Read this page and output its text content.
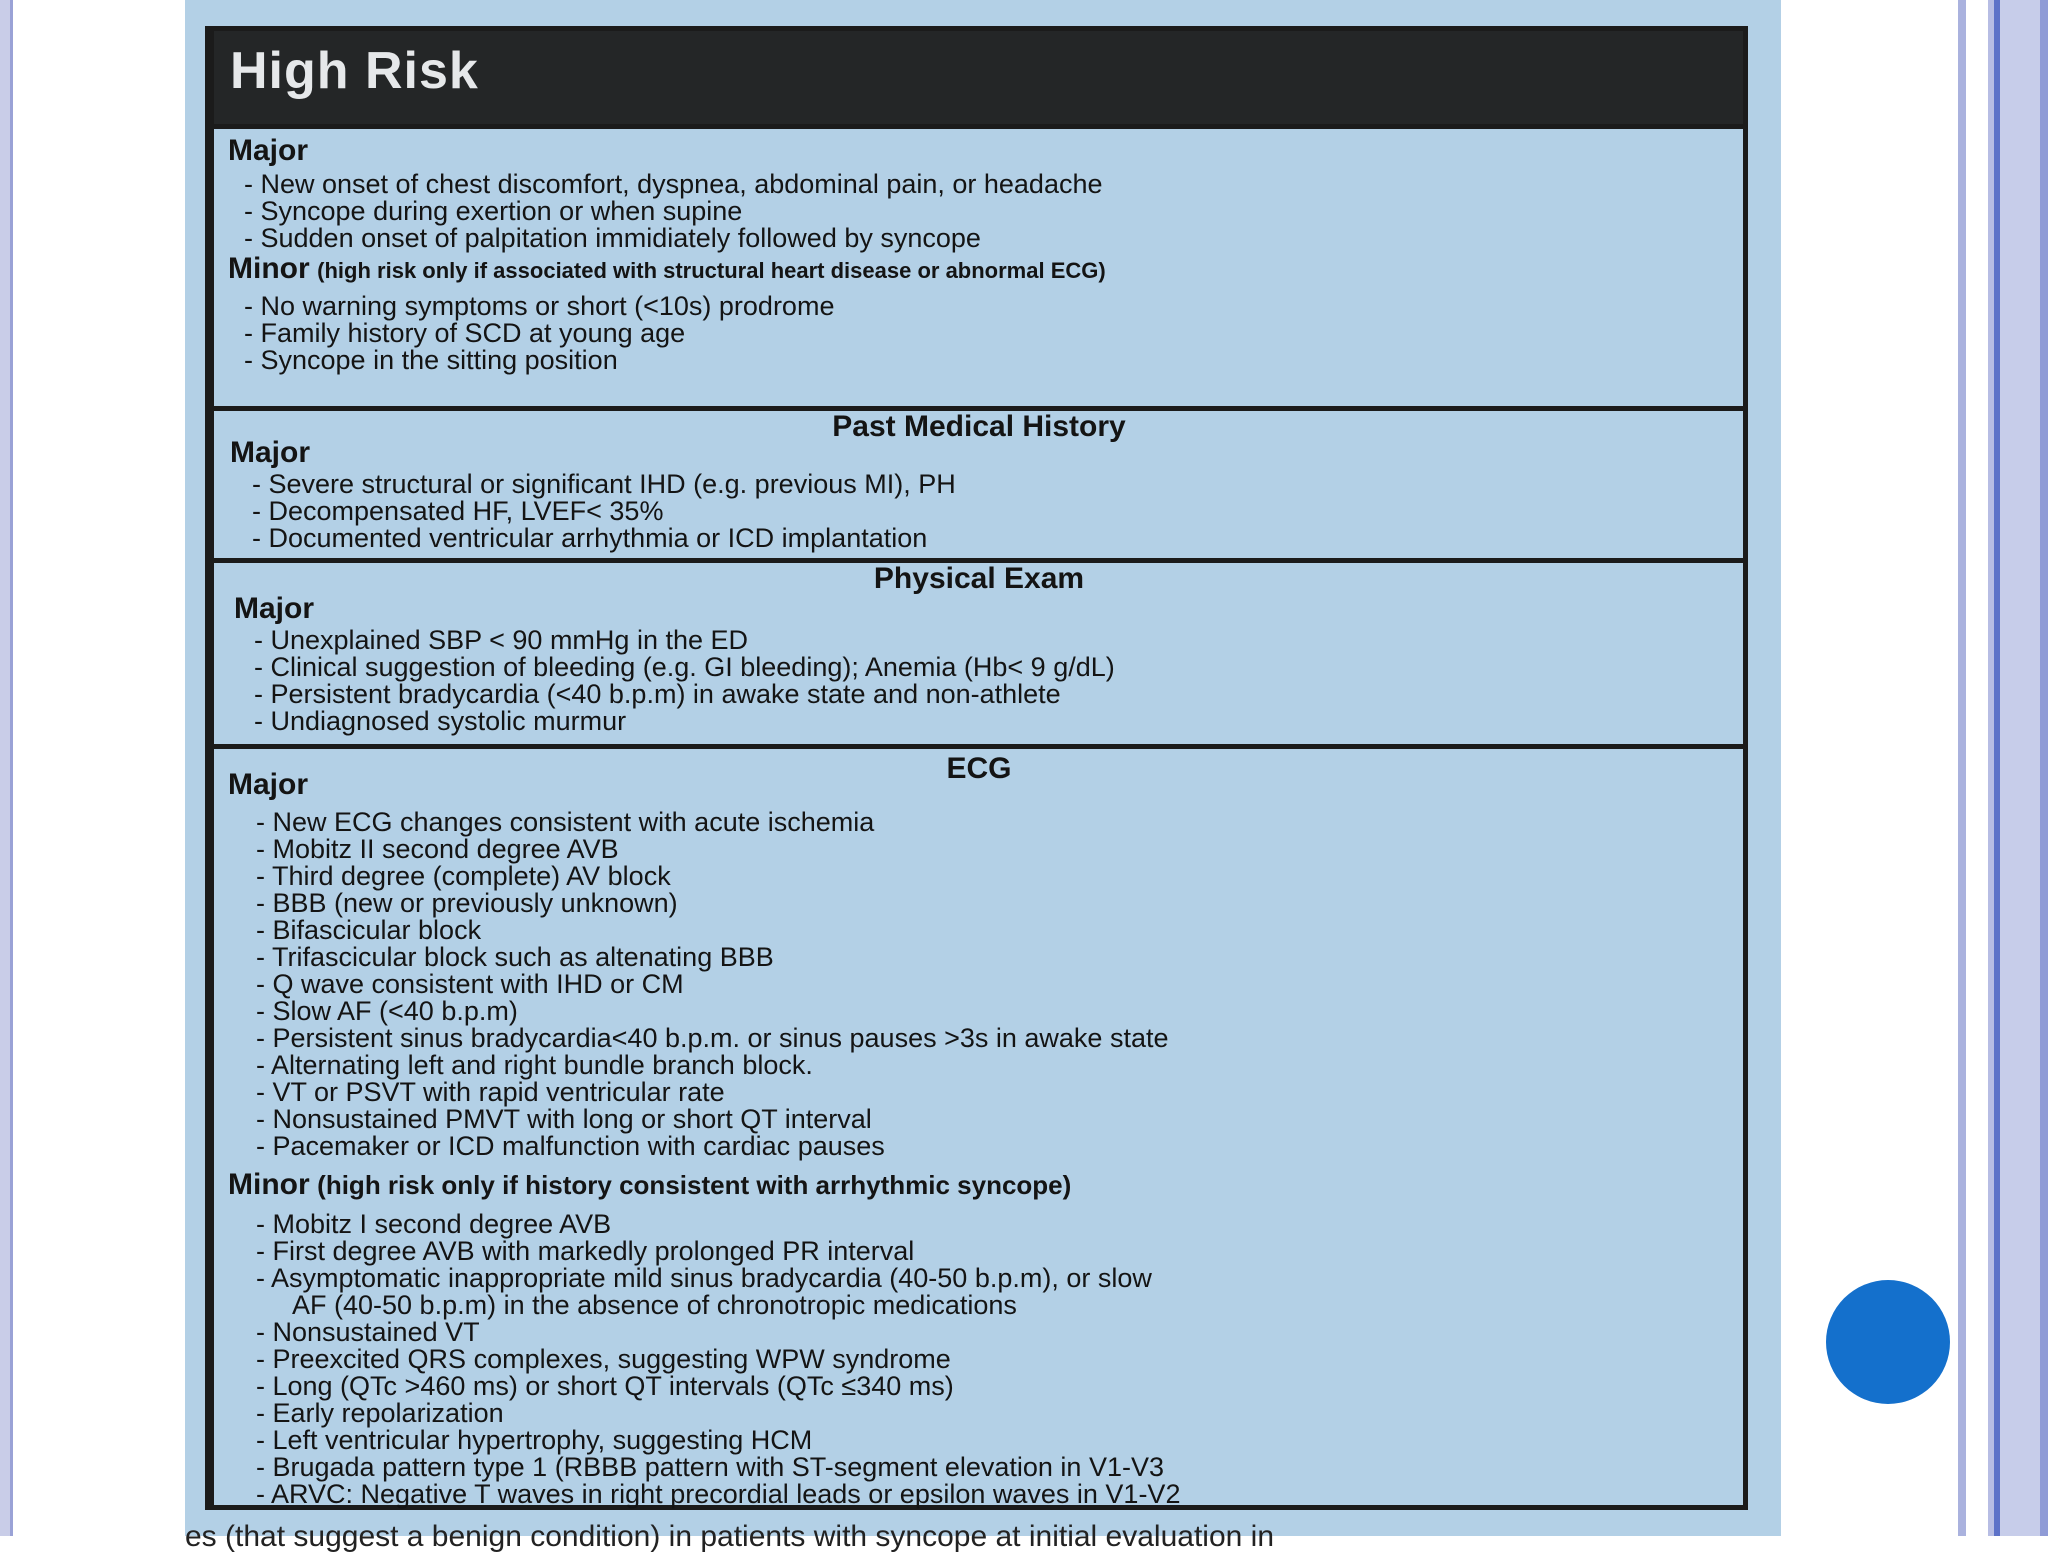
High Risk
Major
- New onset of chest discomfort, dyspnea, abdominal pain, or headache
- Syncope during exertion or when supine
- Sudden onset of palpitation immidiately followed by syncope
Minor (high risk only if associated with structural heart disease or abnormal ECG)
- No warning symptoms or short (<10s) prodrome
- Family history of SCD at young age
- Syncope in the sitting position
Past Medical History
Major
- Severe structural or significant IHD (e.g. previous MI), PH
- Decompensated HF, LVEF< 35%
- Documented ventricular arrhythmia or ICD implantation
Physical Exam
Major
- Unexplained SBP < 90 mmHg in the ED
- Clinical suggestion of bleeding (e.g. GI bleeding); Anemia (Hb< 9 g/dL)
- Persistent bradycardia (<40 b.p.m) in awake state and non-athlete
- Undiagnosed systolic murmur
ECG
Major
- New ECG changes consistent with acute ischemia
- Mobitz II second degree AVB
- Third degree (complete) AV block
- BBB (new or previously unknown)
- Bifascicular block
- Trifascicular block such as altenating BBB
- Q wave consistent with IHD or CM
- Slow AF (<40 b.p.m)
- Persistent sinus bradycardia<40 b.p.m. or sinus pauses >3s in awake state
- Alternating left and right bundle branch block.
- VT or PSVT with rapid ventricular rate
- Nonsustained PMVT with long or short QT interval
- Pacemaker or ICD malfunction with cardiac pauses
Minor (high risk only if history consistent with arrhythmic syncope)
- Mobitz I second degree AVB
- First degree AVB with markedly prolonged PR interval
- Asymptomatic inappropriate mild sinus bradycardia (40-50 b.p.m), or slow
AF (40-50 b.p.m) in the absence of chronotropic medications
- Nonsustained VT
- Preexcited QRS complexes, suggesting WPW syndrome
- Long (QTc >460 ms) or short QT intervals (QTc ≤340 ms)
- Early repolarization
- Left ventricular hypertrophy, suggesting HCM
- Brugada pattern type 1 (RBBB pattern with ST-segment elevation in V1-V3
- ARVC: Negative T waves in right precordial leads or epsilon waves in V1-V2
es (that suggest a benign condition) in patients with syncope at initial evaluation in
